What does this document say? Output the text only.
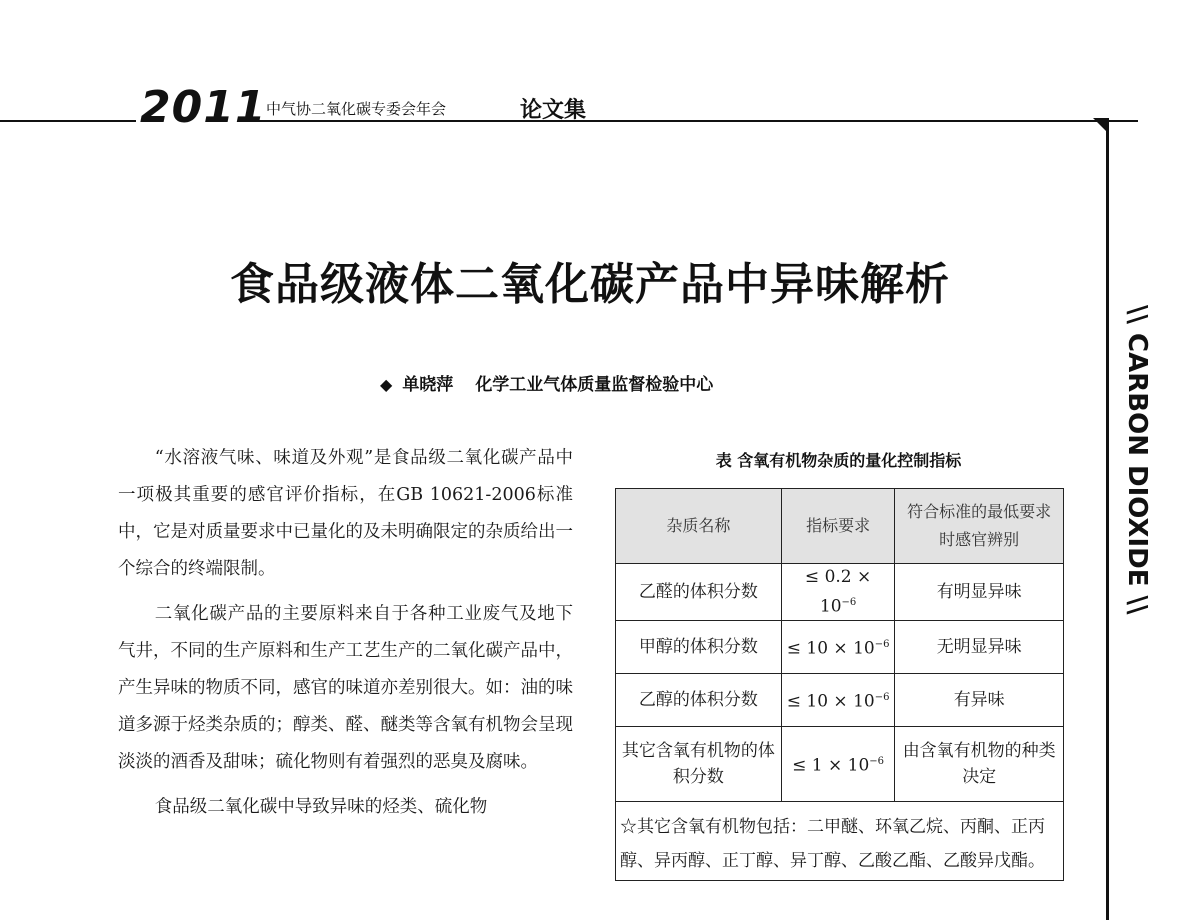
2011 中气协二氧化碳专委会年会	论文集
\\ CARBON DIOXIDE \\
食品级液体二氧化碳产品中异味解析
◆ 单晓萍 化学工业气体质量监督检验中心

“水溶液气味、味道及外观”是食品级二氧化碳产品中一项极其重要的感官评价指标，在GB 10621-2006标准中，它是对质量要求中已量化的及未明确限定的杂质给出一个综合的终端限制。

二氧化碳产品的主要原料来自于各种工业废气及地下气井，不同的生产原料和生产工艺生产的二氧化碳产品中，产生异味的物质不同，感官的味道亦差别很大。如：油的味道多源于烃类杂质的；醇类、醛、醚类等含氧有机物会呈现淡淡的酒香及甜味；硫化物则有着强烈的恶臭及腐味。

食品级二氧化碳中导致异味的烃类、硫化物

表 含氧有机物杂质的量化控制指标
杂质名称	指标要求	符合标准的最低要求时感官辨别
乙醛的体积分数	≤ $0.2 \times 10^{-6}$	有明显异味
甲醇的体积分数	≤ $10 \times 10^{-6}$	无明显异味
乙醇的体积分数	≤ $10 \times 10^{-6}$	有异味
其它含氧有机物的体积分数	≤ $1 \times 10^{-6}$	由含氧有机物的种类决定
☆其它含氧有机物包括：二甲醚、环氧乙烷、丙酮、正丙醇、异丙醇、正丁醇、异丁醇、乙酸乙酯、乙酸异戊酯。		
